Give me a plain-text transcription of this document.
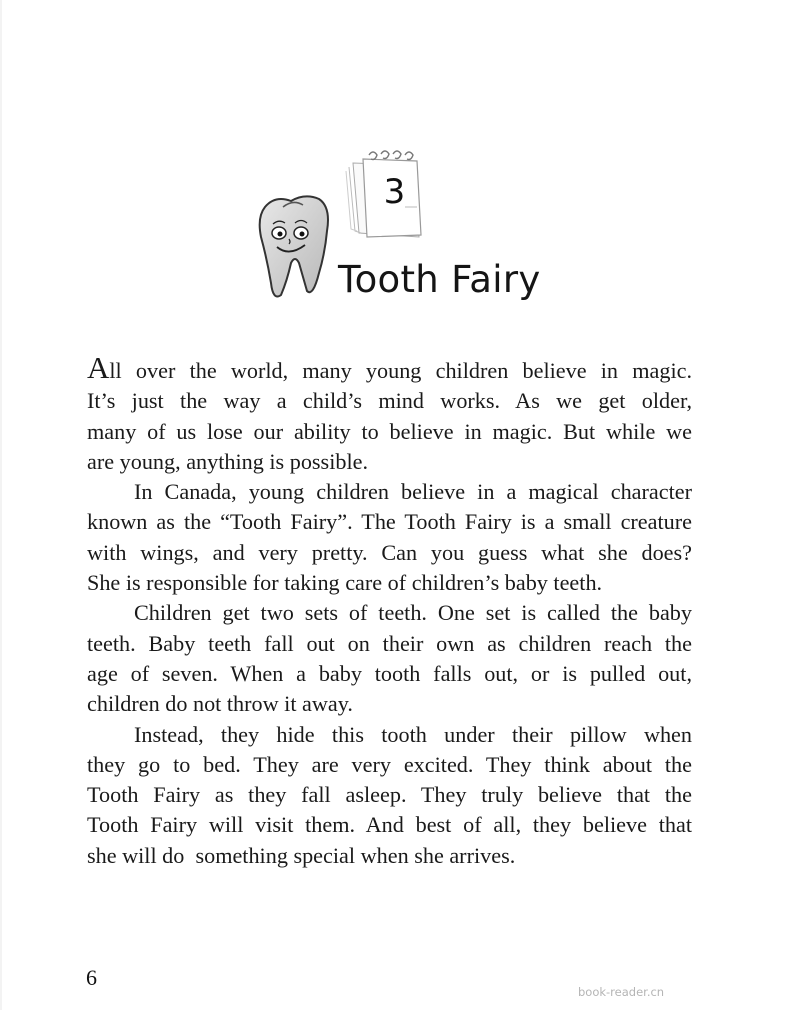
3
Tooth Fairy
All over the world, many young children believe in magic.
It’s just the way a child’s mind works. As we get older,
many of us lose our ability to believe in magic. But while we
are young, anything is possible.
In Canada, young children believe in a magical character
known as the “Tooth Fairy”. The Tooth Fairy is a small creature
with wings, and very pretty. Can you guess what she does?
She is responsible for taking care of children’s baby teeth.
Children get two sets of teeth. One set is called the baby
teeth. Baby teeth fall out on their own as children reach the
age of seven. When a baby tooth falls out, or is pulled out,
children do not throw it away.
Instead, they hide this tooth under their pillow when
they go to bed. They are very excited. They think about the
Tooth Fairy as they fall asleep. They truly believe that the
Tooth Fairy will visit them. And best of all, they believe that
she will do  something special when she arrives.
6
book-reader.cn
